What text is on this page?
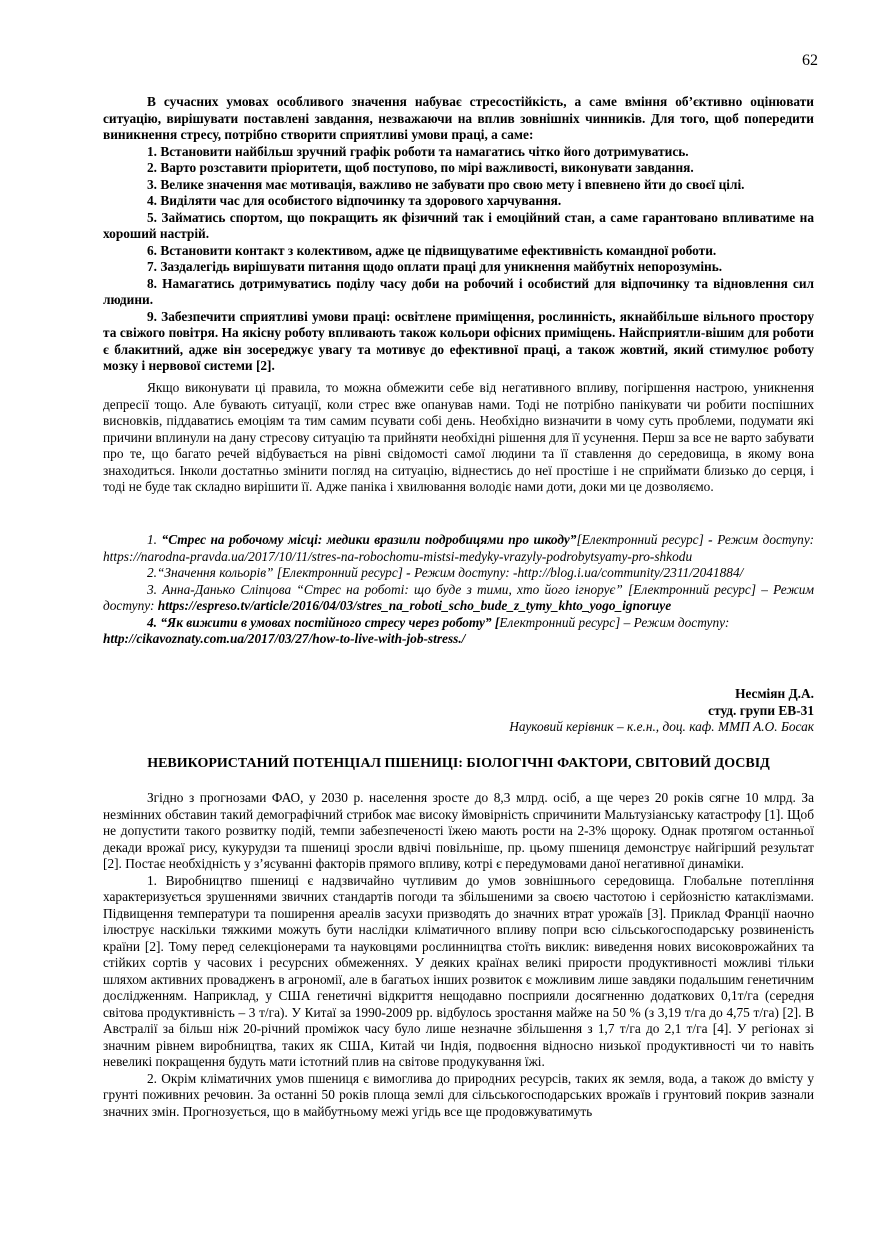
62

В сучасних умовах особливого значення набуває стресостійкість, а саме вміння об’єктивно оцінювати ситуацію, вирішувати поставлені завдання, незважаючи на вплив зовнішніх чинників. Для того, щоб попередити виникнення стресу, потрібно створити сприятливі умови праці, а саме:

1. Встановити найбільш зручний графік роботи та намагатись чітко його дотримуватись.

2. Варто розставити пріоритети, щоб поступово, по мірі важливості, виконувати завдання.

3. Велике значення має мотивація, важливо не забувати про свою мету і впевнено йти до своєї цілі.

4. Виділяти час для особистого відпочинку та здорового харчування.

5. Займатись спортом, що покращить як фізичний так і емоційний стан, а саме гарантовано впливатиме на хороший настрій.

6. Встановити контакт з колективом, адже це підвищуватиме ефективність командної роботи.

7. Заздалегідь вирішувати питання щодо оплати праці для уникнення майбутніх непорозумінь.

8. Намагатись дотримуватись поділу часу доби на робочий і особистий для відпочинку та відновлення сил людини.

9. Забезпечити сприятливі умови праці: освітлене приміщення, рослинність, якнайбільше вільного простору та свіжого повітря. На якісну роботу впливають також кольори офісних приміщень. Найсприятли-вішим для роботи є блакитний, адже він зосереджує увагу та мотивує до ефективної праці, а також жовтий, який стимулює роботу мозку і нервової системи [2].

Якщо виконувати ці правила, то можна обмежити себе від негативного впливу, погіршення настрою, уникнення депресії тощо. Але бувають ситуації, коли стрес вже опанував нами. Тоді не потрібно панікувати чи робити поспішних висновків, піддаватись емоціям та тим самим псувати собі день. Необхідно визначити в чому суть проблеми, подумати які причини вплинули на дану стресову ситуацію та прийняти необхідні рішення для її усунення. Перш за все не варто забувати про те, що багато речей відбувається на рівні свідомості самої людини та її ставлення до середовища, в якому вона знаходиться. Інколи достатньо змінити погляд на ситуацію, віднестись до неї простіше і не сприймати близько до серця, і тоді не буде так складно вирішити її. Адже паніка і хвилювання володіє нами доти, доки ми це дозволяємо.

1. “Стрес на робочому місці: медики вразили подробицями про шкоду”[Електронний ресурс] - Режим доступу: https://narodna-pravda.ua/2017/10/11/stres-na-robochomu-mistsi-medyky-vrazyly-podrobytsyamy-pro-shkodu

2.“Значення кольорів” [Електронний ресурс] - Режим доступу: -http://blog.i.ua/community/2311/2041884/

3. Анна-Данько Сліпцова “Стрес на роботі: що буде з тими, хто його ігнорує” [Електронний ресурс] – Режим доступу: https://espreso.tv/article/2016/04/03/stres_na_roboti_scho_bude_z_tymy_khto_yogo_ignoruye

4. “Як вижити в умовах постійного стресу через роботу” [Електронний ресурс] – Режим доступу:
http://cikavoznaty.com.ua/2017/03/27/how-to-live-with-job-stress./

Несміян Д.А.
студ. групи ЕВ-31
Науковий керівник – к.е.н., доц. каф. ММП А.О. Босак
НЕВИКОРИСТАНИЙ ПОТЕНЦІАЛ ПШЕНИЦІ: БІОЛОГІЧНІ ФАКТОРИ, СВІТОВИЙ ДОСВІД

Згідно з прогнозами ФАО, у 2030 р. населення зросте до 8,3 млрд. осіб, а ще через 20 років сягне 10 млрд. За незмінних обставин такий демографічний стрибок має високу ймовірність спричинити Мальтузіанську катастрофу [1]. Щоб не допустити такого розвитку подій, темпи забезпеченості їжею мають рости на 2-3% щороку. Однак протягом останньої декади врожаї рису, кукурудзи та пшениці зросли вдвічі повільніше, пр. цьому пшениця демонструє найгірший результат [2]. Постає необхідність у з’ясуванні факторів прямого впливу, котрі є передумовами даної негативної динаміки.

1. Виробництво пшениці є надзвичайно чутливим до умов зовнішнього середовища. Глобальне потепління характеризується зрушеннями звичних стандартів погоди та збільшеними за своєю частотою і серйозністю катаклізмами. Підвищення температури та поширення ареалів засухи призводять до значних втрат урожаїв [3]. Приклад Франції наочно ілюструє наскільки тяжкими можуть бути наслідки кліматичного впливу попри всю сільськогосподарську розвиненість країни [2]. Тому перед селекціонерами та науковцями рослинництва стоїть виклик: виведення нових високоврожайних та стійких сортів у часових і ресурсних обмеженнях. У деяких країнах великі прирости продуктивності можливі тільки шляхом активних провадженъ в агрономії, але в багатьох інших розвиток є можливим лише завдяки подальшим генетичним дослідженням. Наприклад, у США генетичні відкриття нещодавно посприяли досягненню додаткових 0,1т/га (середня світова продуктивність – 3 т/га). У Китаї за 1990-2009 рр. відбулось зростання майже на 50 % (з 3,19 т/га до 4,75 т/га) [2]. В Австралії за більш ніж 20-річний проміжок часу було лише незначне збільшення з 1,7 т/га до 2,1 т/га [4]. У регіонах зі значним рівнем виробництва, таких як США, Китай чи Індія, подвоєння відносно низької продуктивності чи то навіть невеликі покращення будуть мати істотний плив на світове продукування їжі.

2. Окрім кліматичних умов пшениця є вимоглива до природних ресурсів, таких як земля, вода, а також до вмісту у грунті поживних речовин. За останні 50 років площа землі для сільськогосподарських врожаїв і грунтовий покрив зазнали значних змін. Прогнозується, що в майбутньому межі угідь все ще продовжуватимуть
